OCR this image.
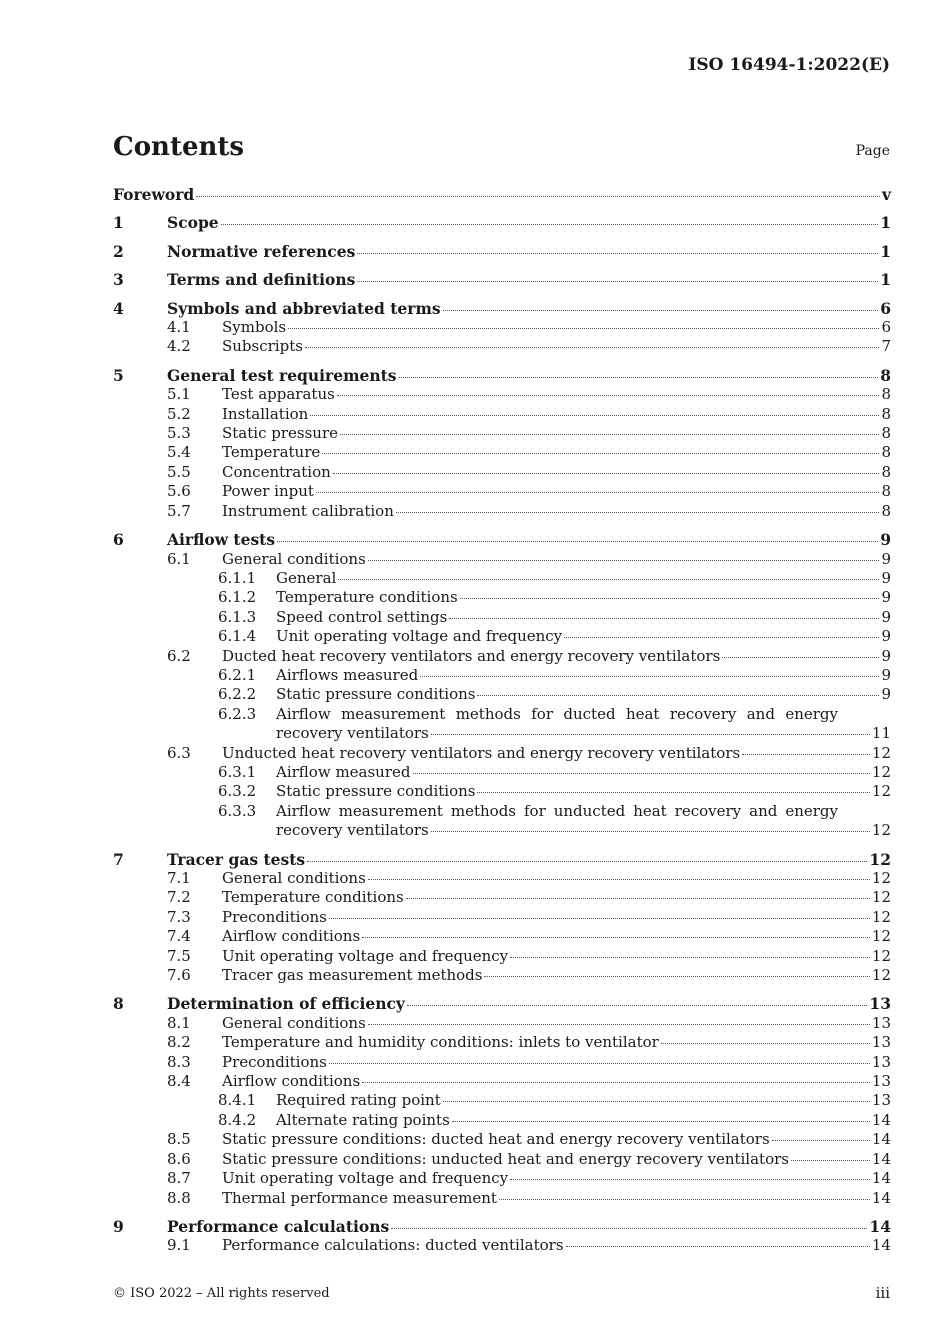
ISO 16494-1:2022(E)
Contents	Page
Foreword	v
1	Scope	1
2	Normative references	1
3	Terms and definitions	1
4	Symbols and abbreviated terms	6
4.1	Symbols	6
4.2	Subscripts	7
5	General test requirements	8
5.1	Test apparatus	8
5.2	Installation	8
5.3	Static pressure	8
5.4	Temperature	8
5.5	Concentration	8
5.6	Power input	8
5.7	Instrument calibration	8
6	Airflow tests	9
6.1	General conditions	9
6.1.1	General	9
6.1.2	Temperature conditions	9
6.1.3	Speed control settings	9
6.1.4	Unit operating voltage and frequency	9
6.2	Ducted heat recovery ventilators and energy recovery ventilators	9
6.2.1	Airflows measured	9
6.2.2	Static pressure conditions	9
6.2.3	Airflow measurement methods for ducted heat recovery and energy
recovery ventilators	11
6.3	Unducted heat recovery ventilators and energy recovery ventilators	12
6.3.1	Airflow measured	12
6.3.2	Static pressure conditions	12
6.3.3	Airflow measurement methods for unducted heat recovery and energy
recovery ventilators	12
7	Tracer gas tests	12
7.1	General conditions	12
7.2	Temperature conditions	12
7.3	Preconditions	12
7.4	Airflow conditions	12
7.5	Unit operating voltage and frequency	12
7.6	Tracer gas measurement methods	12
8	Determination of efficiency	13
8.1	General conditions	13
8.2	Temperature and humidity conditions: inlets to ventilator	13
8.3	Preconditions	13
8.4	Airflow conditions	13
8.4.1	Required rating point	13
8.4.2	Alternate rating points	14
8.5	Static pressure conditions: ducted heat and energy recovery ventilators	14
8.6	Static pressure conditions: unducted heat and energy recovery ventilators	14
8.7	Unit operating voltage and frequency	14
8.8	Thermal performance measurement	14
9	Performance calculations	14
9.1	Performance calculations: ducted ventilators	14
© ISO 2022 – All rights reserved	iii
